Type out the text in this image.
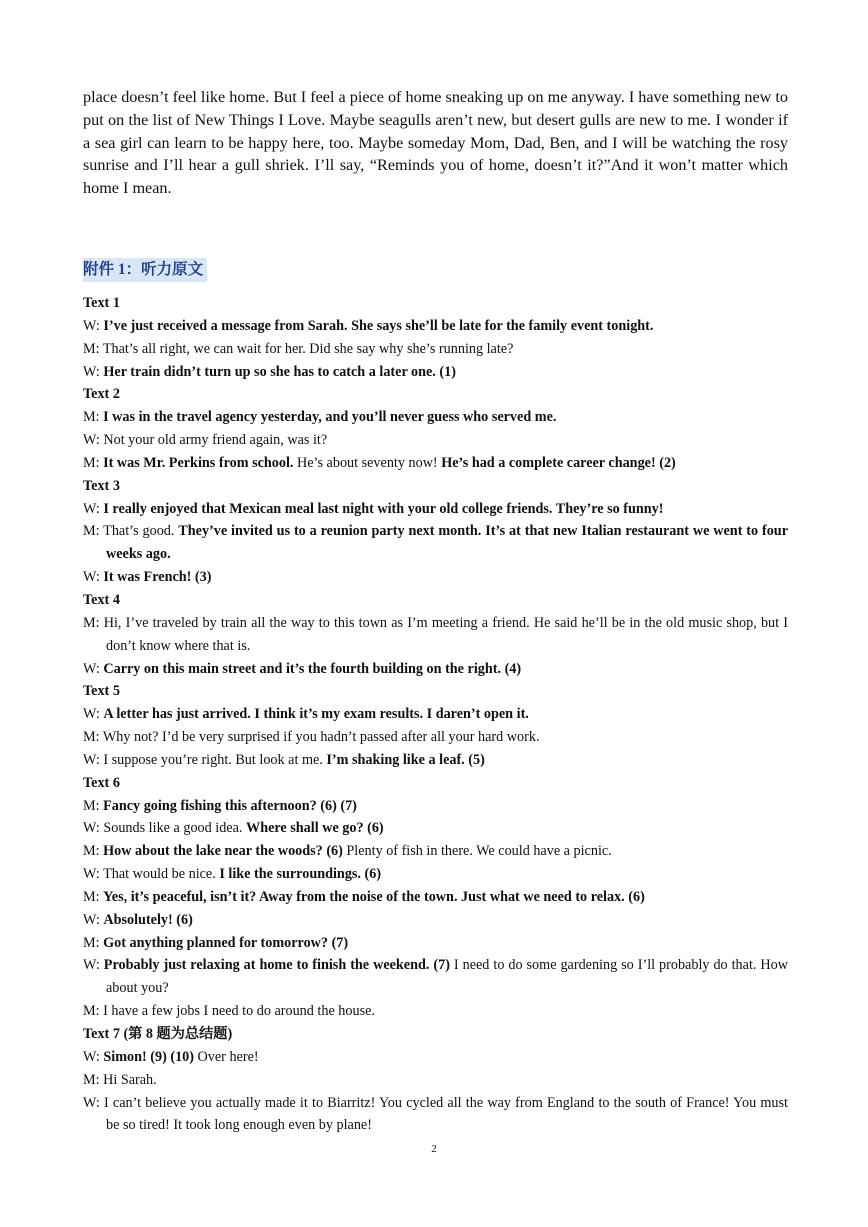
place doesn’t feel like home. But I feel a piece of home sneaking up on me anyway. I have something new to put on the list of New Things I Love. Maybe seagulls aren’t new, but desert gulls are new to me. I wonder if a sea girl can learn to be happy here, too. Maybe someday Mom, Dad, Ben, and I will be watching the rosy sunrise and I’ll hear a gull shriek. I’ll say, “Reminds you of home, doesn’t it?”And it won’t matter which home I mean.

附件 1：听力原文

Text 1

W: I’ve just received a message from Sarah. She says she’ll be late for the family event tonight.

M: That’s all right, we can wait for her. Did she say why she’s running late?

W: Her train didn’t turn up so she has to catch a later one. (1)

Text 2

M: I was in the travel agency yesterday, and you’ll never guess who served me.

W: Not your old army friend again, was it?

M: It was Mr. Perkins from school. He’s about seventy now! He’s had a complete career change! (2)

Text 3

W: I really enjoyed that Mexican meal last night with your old college friends. They’re so funny!

M: That’s good. They’ve invited us to a reunion party next month. It’s at that new Italian restaurant we went to four weeks ago.

W: It was French! (3)

Text 4

M: Hi, I’ve traveled by train all the way to this town as I’m meeting a friend. He said he’ll be in the old music shop, but I don’t know where that is.

W: Carry on this main street and it’s the fourth building on the right. (4)

Text 5

W: A letter has just arrived. I think it’s my exam results. I daren’t open it.

M: Why not? I’d be very surprised if you hadn’t passed after all your hard work.

W: I suppose you’re right. But look at me. I’m shaking like a leaf. (5)

Text 6

M: Fancy going fishing this afternoon? (6) (7)

W: Sounds like a good idea. Where shall we go? (6)

M: How about the lake near the woods? (6) Plenty of fish in there. We could have a picnic.

W: That would be nice. I like the surroundings. (6)

M: Yes, it’s peaceful, isn’t it? Away from the noise of the town. Just what we need to relax. (6)

W: Absolutely! (6)

M: Got anything planned for tomorrow? (7)

W: Probably just relaxing at home to finish the weekend. (7) I need to do some gardening so I’ll probably do that. How about you?

M: I have a few jobs I need to do around the house.

Text 7 (第 8 题为总结题)

W: Simon! (9) (10) Over here!

M: Hi Sarah.

W: I can’t believe you actually made it to Biarritz! You cycled all the way from England to the south of France! You must be so tired! It took long enough even by plane!

2
